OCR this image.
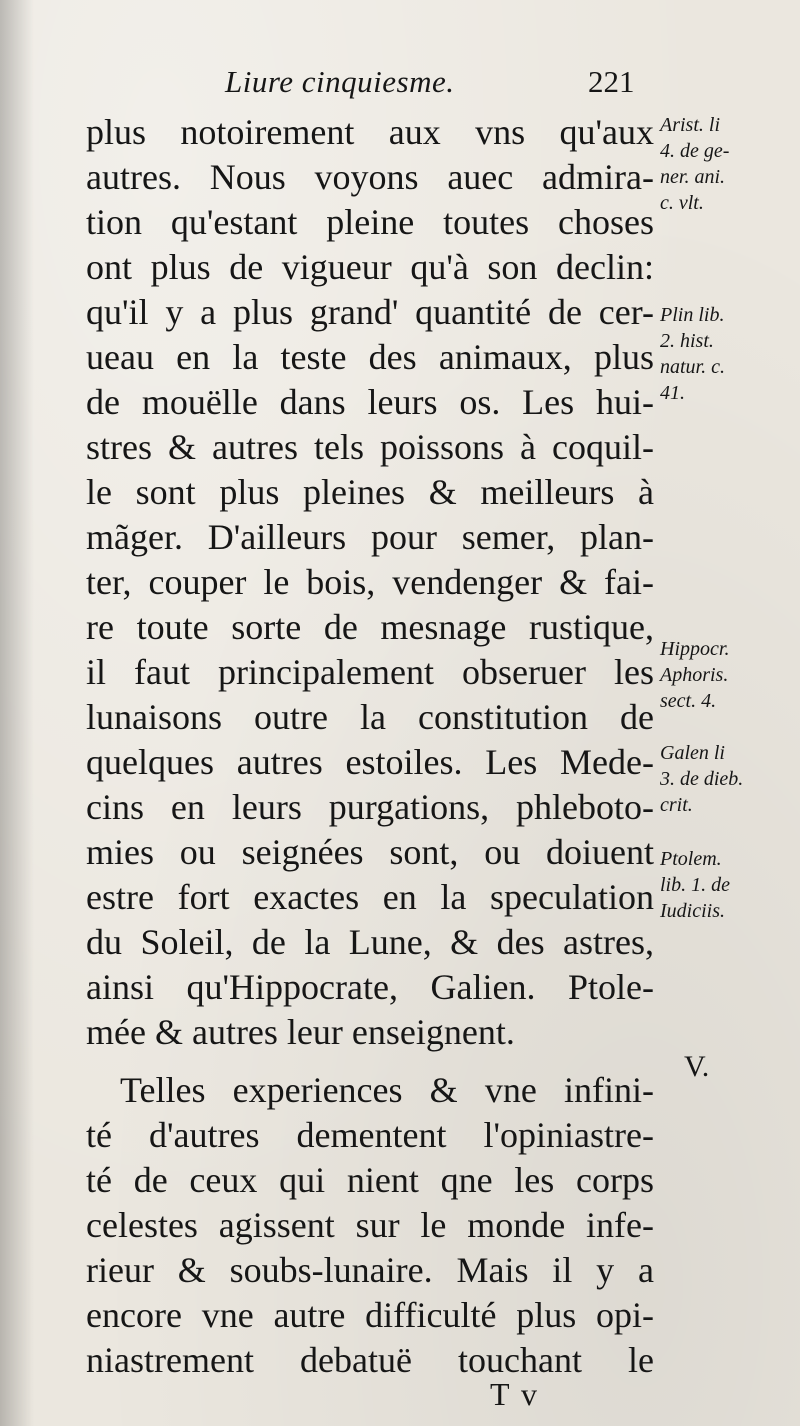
Liure cinquiesme.	221
plus notoirement aux vns qu'aux
autres. Nous voyons auec admira-
tion qu'estant pleine toutes choses
ont plus de vigueur qu'à son declin:
qu'il y a plus grand' quantité de cer-
ueau en la teste des animaux, plus
de mouëlle dans leurs os. Les hui-
stres & autres tels poissons à coquil-
le sont plus pleines & meilleurs à
mãger. D'ailleurs pour semer, plan-
ter, couper le bois, vendenger & fai-
re toute sorte de mesnage rustique,
il faut principalement obseruer les
lunaisons outre la constitution de
quelques autres estoiles. Les Mede-
cins en leurs purgations, phleboto-
mies ou seignées sont, ou doiuent
estre fort exactes en la speculation
du Soleil, de la Lune, & des astres,
ainsi qu'Hippocrate, Galien. Ptole-
mée & autres leur enseignent.
Telles experiences & vne infini-
té d'autres dementent l'opiniastre-
té de ceux qui nient qne les corps
celestes agissent sur le monde infe-
rieur & soubs-lunaire. Mais il y a
encore vne autre difficulté plus opi-
niastrement debatuë touchant le
Arist. li
4. de ge-
ner. ani.
c. vlt.
Plin lib.
2. hist.
natur. c.
41.
Hippocr.
Aphoris.
sect. 4.
Galen li
3. de dieb.
crit.
Ptolem.
lib. 1. de
Iudiciis.
V.
T v
